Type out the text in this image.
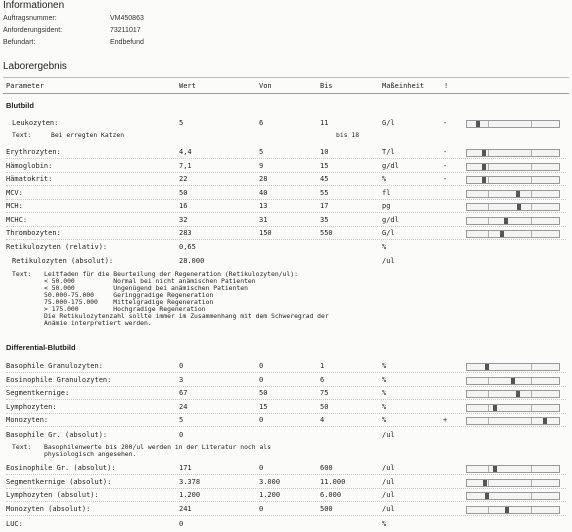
Informationen
Auftragsnummer:	VM450863
Anforderungsident:	73211017
Befundart:	Endbefund
Laborergebnis
Parameter	Wert	Von	Bis	Maßeinheit	!
Blutbild
Leukozyten:	5	6	11	G/l	-
Text:	Bei erregten Katzen	bis 18
Erythrozyten:	4,4	5	10	T/l	-
Hämoglobin:	7,1	9	15	g/dl	-
Hämatokrit:	22	28	45	%	-
MCV:	50	40	55	fl
MCH:	16	13	17	pg
MCHC:	32	31	35	g/dl
Thrombozyten:	283	150	550	G/l
Retikulozyten (relativ):	0,65	%
Retikulozyten (absolut):	28.000	/ul
Text: Leitfaden für die Beurteilung der Regeneration (Retikulozyten/ul):
< 50.000          Normal bei nicht anämischen Patienten
< 50.000          Ungenügend bei anämischen Patienten
50.000-75.000     Geringgradige Regeneration
75.000-175.000    Mittelgradige Regeneration
> 175.000         Hochgradige Regeneration
Die Retikulozytenzahl sollte immer im Zusammenhang mit dem Schweregrad der
Anämie interpretiert werden.
Differential-Blutbild
Basophile Granulozyten:	0	0	1	%
Eosinophile Granulozyten:	3	0	6	%
Segmentkernige:	67	50	75	%
Lymphozyten:	24	15	50	%
Monozyten:	5	0	4	%	+
Basophile Gr. (absolut):	0	/ul
Text: Basophilenwerte bis 200/ul werden in der Literatur noch als
physiologisch angesehen.
Eosinophile Gr. (absolut):	171	0	600	/ul
Segmentkernige (absolut):	3.378	3.000	11.000	/ul
Lymphozyten (absolut):	1.200	1.200	6.000	/ul
Monozyten (absolut):	241	0	500	/ul
LUC:	0	%
